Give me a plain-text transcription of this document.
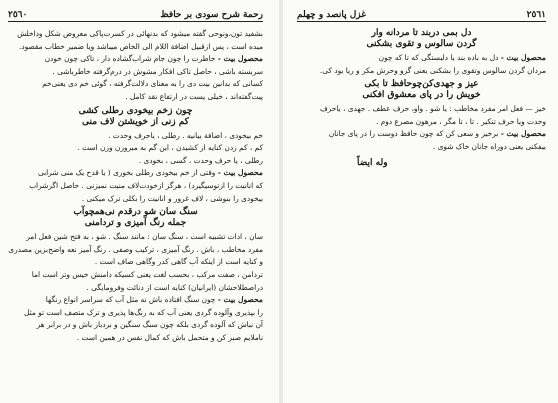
رحمة شرح سودی بر حافظ
٢٥٦٠

بشفید تون،ونوحی گفته میشود که بدنهائی در کسرت‌پاکی معروض شکل وداخلش

میده است ، پس ازقبیل اضافة اللام الی الخاص میباشد ویا ضمیر خطاب مقصود.

محصول بیت - خاطرت را چون جام شراب‌گشاده دار ، تاکی چون خودن

سربسته باشی ، حاصل تاکی افکار مشوش در درم‌گرفته خاطرباشی .

کسانی که بدانین بیت دی را به معنای دلالت‌گرفته ، گوئی خم دی یعنی‌خم

پیت‌گفته‌اند ، خیلی پست در ارتفاع نقد کامل .

چون ز‌خم بیخودی رطلی کشی
کم زنی از خویشتن لاف منی

خم بیخودی ، اضافة بیانیه . رطلی ، یاحرف وحدت .

کم ، کم زدن کنایه از کشیدن ، این گم به مبروزن وزن است .

رطلی ، یا حرف وحدت ، گسی ، بخودی .

محصول بیت - وقتی از خم بیخودی رطلی بخوری ( یا قدح یک منی شرابی

که انانیت را ازتوسیگیرد) ، هرگز ازخودت‌لاف منیت نمیزنی . حاصل اگرشراب

بیخودی را بنوشی ، لاف غرور و انانیت را بکلی ترک میکنی .

سنگ سان شو درقدم نی‌همچوآب
جمله رنگ آمیزی و تردامنی

سان ، ادات تشبیه است ، سنگ سان : مانند سنگ . شو ، به فتح شین فعل امر

مفرد مخاطب ، باش . رنگ آمیزی ، ترکیب وصفی . رنگ آمیز نعه واضح‌بزین مصدری

و کنایه است از اینکه آب گاهی کدر وگاهی صاف است .

تردامن ، صفت مرکب ، بحسب لغت یعنی کسیکه دامنش خیس وتر است اما

دراصطلاحشان (ایرانیان) کنایه است از دنائت وفرومایگی .

محصول بیت - چون سنگ افتاده باش نه مثل آب که سراسر انواع رنگها

را بپذیری وآلوده گردی یعنی آب که به رنگ‌ها پذیری و ترک متصف است تو مثل

آن نباش که آلوده گردی بلکه چون سنگ سنگین و بردبار باش و در برابر هر

ناملایم صبر کن و متحمل باش که کمال نفس در همین است .

٢٥٦١
غزل پانصد و چهلم
دل بمی دربند تا مردانه وار
گردن سالوس و تقوی بشکنی

محصول بیت - دل به باده بند یا دلبستگی که تا که چون

مردان گردن سالوس وتقوی را بشکنی یعنی گرو وحرش مکر و ریا بود کی.

عیز و جهدی‌کن‌چوحافظ تا بکی
خویش را در پای معشوق افکنی

خیز — فعل امر مفرد مخاطب : یا شو . واو، حرف عطف . جهدی ، یاحرف

وحدت ویا حرف تنکیر . تا ، تا مگر ، مرهون مصرع دوم .

محصول بیت - برخیز و سعی کن که چون حافظ دوست را در پای جانان

بیفکنی یعنی دوراه جانان خاک شوی .

وله ایضاً
